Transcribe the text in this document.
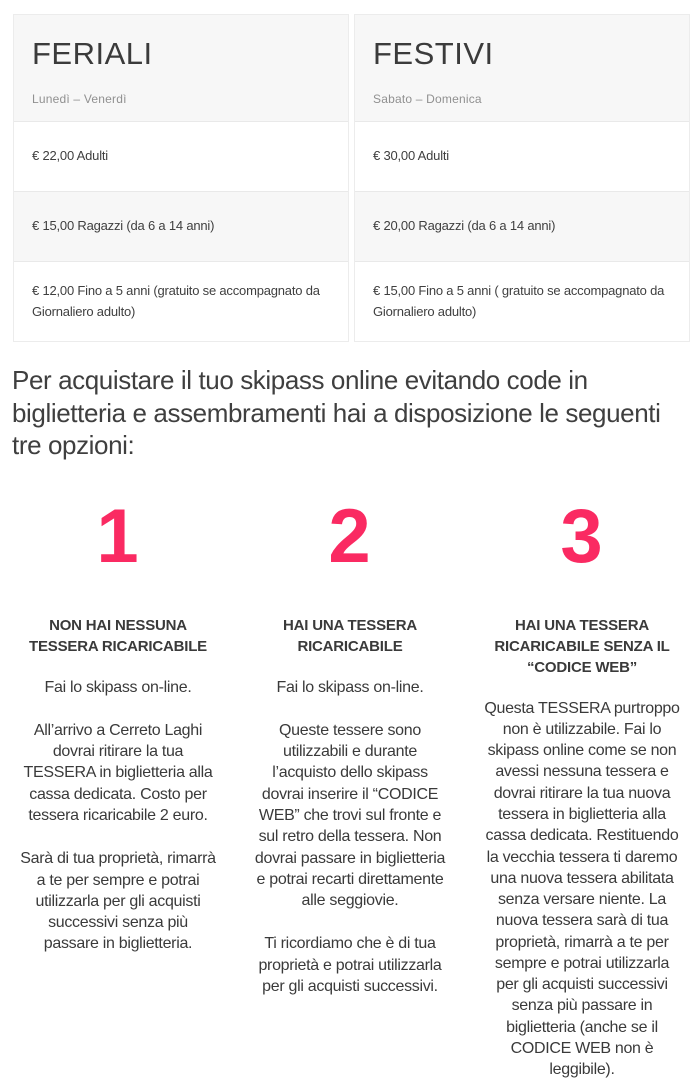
FERIALI
Lunedì – Venerdì
€ 22,00 Adulti
€ 15,00 Ragazzi (da 6 a 14 anni)
€ 12,00 Fino a 5 anni (gratuito se accompagnato da Giornaliero adulto)
FESTIVI
Sabato – Domenica
€ 30,00 Adulti
€ 20,00 Ragazzi (da 6 a 14 anni)
€ 15,00 Fino a 5 anni ( gratuito se accompagnato da Giornaliero adulto)

Per acquistare il tuo skipass online evitando code in biglietteria e assembramenti hai a disposizione le seguenti tre opzioni:

1
NON HAI NESSUNA TESSERA RICARICABILE

Fai lo skipass on-line.

All’arrivo a Cerreto Laghi dovrai ritirare la tua TESSERA in biglietteria alla cassa dedicata. Costo per tessera ricaricabile 2 euro.

Sarà di tua proprietà, rimarrà a te per sempre e potrai utilizzarla per gli acquisti successivi senza più passare in biglietteria.

2
HAI UNA TESSERA RICARICABILE

Fai lo skipass on-line.

Queste tessere sono utilizzabili e durante l’acquisto dello skipass dovrai inserire il “CODICE WEB” che trovi sul fronte e sul retro della tessera. Non dovrai passare in biglietteria e potrai recarti direttamente alle seggiovie.

Ti ricordiamo che è di tua proprietà e potrai utilizzarla per gli acquisti successivi.

3
HAI UNA TESSERA RICARICABILE SENZA IL “CODICE WEB”

Questa TESSERA purtroppo non è utilizzabile. Fai lo skipass online come se non avessi nessuna tessera e dovrai ritirare la tua nuova tessera in biglietteria alla cassa dedicata. Restituendo la vecchia tessera ti daremo una nuova tessera abilitata senza versare niente. La nuova tessera sarà di tua proprietà, rimarrà a te per sempre e potrai utilizzarla per gli acquisti successivi senza più passare in biglietteria (anche se il CODICE WEB non è leggibile).
